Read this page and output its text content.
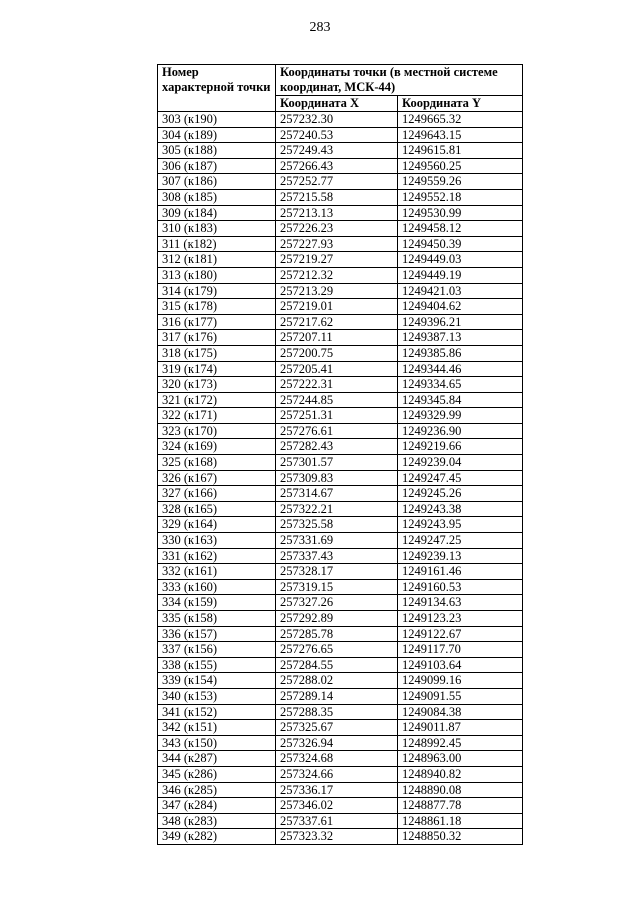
283
Номер характерной точки	Координаты точки (в местной системе координат, МСК-44)	
	Координата X	Координата Y
303 (к190)	257232.30	1249665.32
304 (к189)	257240.53	1249643.15
305 (к188)	257249.43	1249615.81
306 (к187)	257266.43	1249560.25
307 (к186)	257252.77	1249559.26
308 (к185)	257215.58	1249552.18
309 (к184)	257213.13	1249530.99
310 (к183)	257226.23	1249458.12
311 (к182)	257227.93	1249450.39
312 (к181)	257219.27	1249449.03
313 (к180)	257212.32	1249449.19
314 (к179)	257213.29	1249421.03
315 (к178)	257219.01	1249404.62
316 (к177)	257217.62	1249396.21
317 (к176)	257207.11	1249387.13
318 (к175)	257200.75	1249385.86
319 (к174)	257205.41	1249344.46
320 (к173)	257222.31	1249334.65
321 (к172)	257244.85	1249345.84
322 (к171)	257251.31	1249329.99
323 (к170)	257276.61	1249236.90
324 (к169)	257282.43	1249219.66
325 (к168)	257301.57	1249239.04
326 (к167)	257309.83	1249247.45
327 (к166)	257314.67	1249245.26
328 (к165)	257322.21	1249243.38
329 (к164)	257325.58	1249243.95
330 (к163)	257331.69	1249247.25
331 (к162)	257337.43	1249239.13
332 (к161)	257328.17	1249161.46
333 (к160)	257319.15	1249160.53
334 (к159)	257327.26	1249134.63
335 (к158)	257292.89	1249123.23
336 (к157)	257285.78	1249122.67
337 (к156)	257276.65	1249117.70
338 (к155)	257284.55	1249103.64
339 (к154)	257288.02	1249099.16
340 (к153)	257289.14	1249091.55
341 (к152)	257288.35	1249084.38
342 (к151)	257325.67	1249011.87
343 (к150)	257326.94	1248992.45
344 (к287)	257324.68	1248963.00
345 (к286)	257324.66	1248940.82
346 (к285)	257336.17	1248890.08
347 (к284)	257346.02	1248877.78
348 (к283)	257337.61	1248861.18
349 (к282)	257323.32	1248850.32
